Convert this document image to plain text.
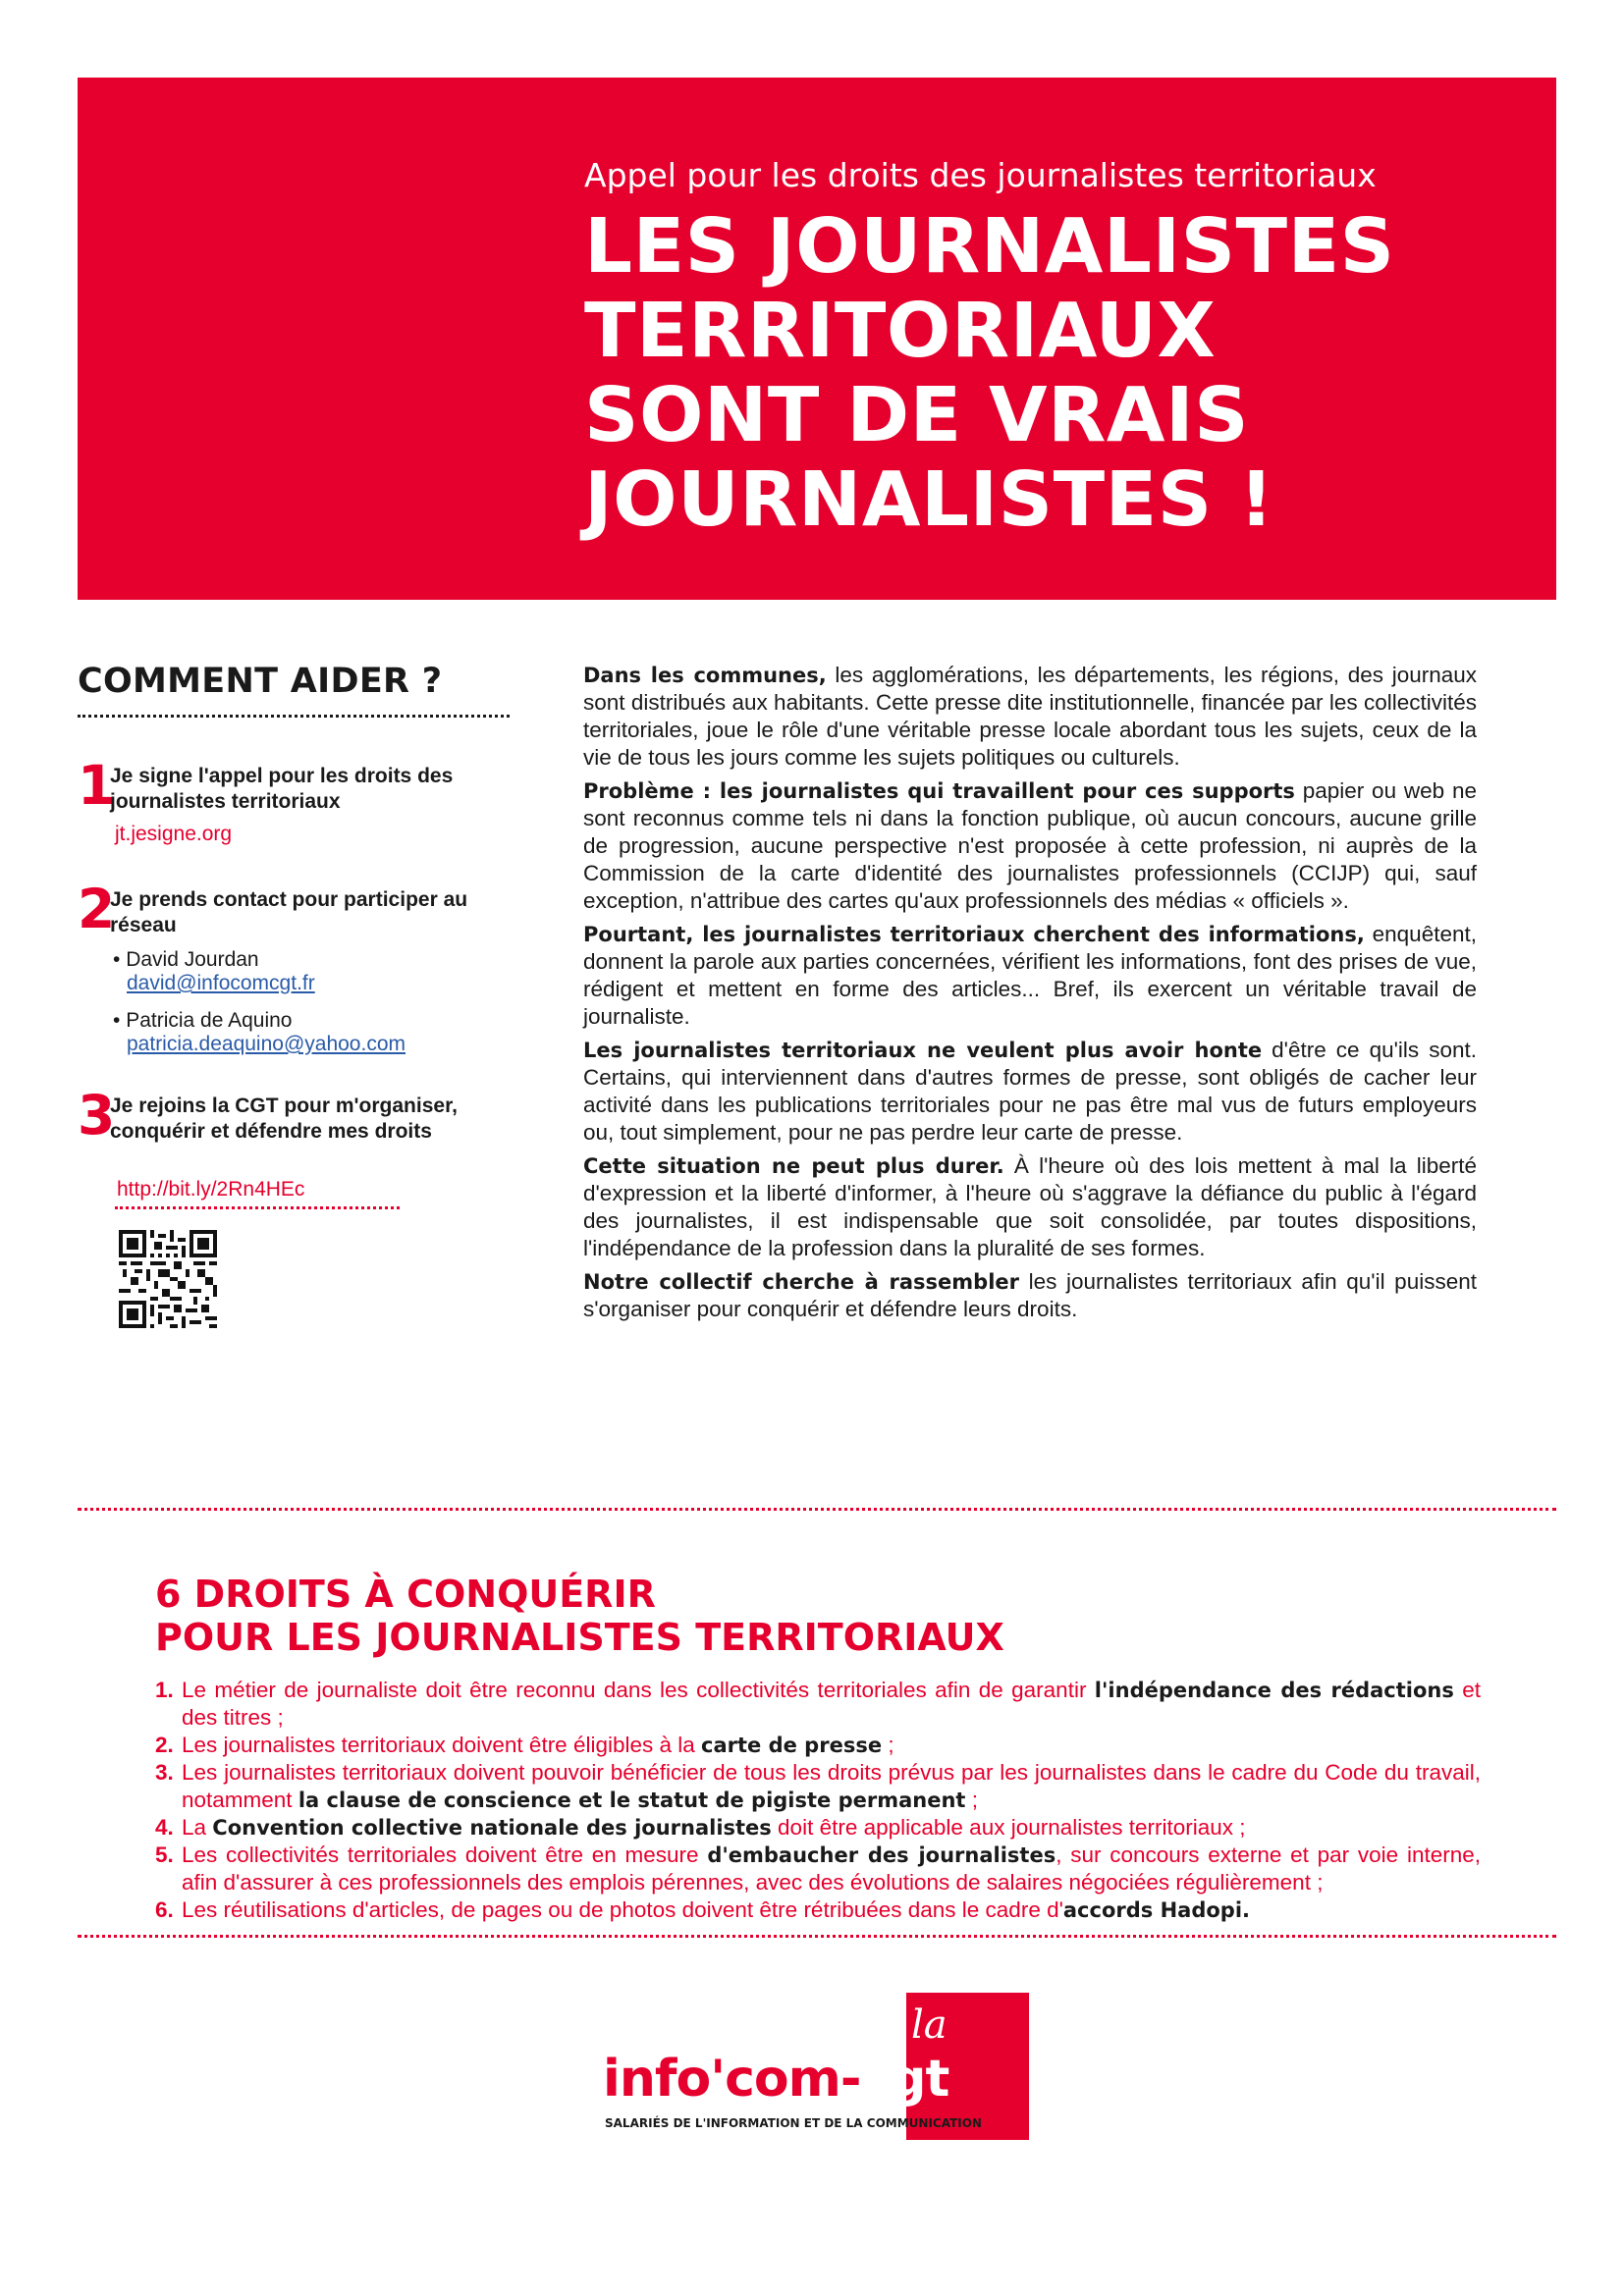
Appel pour les droits des journalistes territoriaux
LES JOURNALISTES
TERRITORIAUX
SONT DE VRAIS
JOURNALISTES !
COMMENT AIDER ?
1
Je signe l'appel pour les droits des journalistes territoriaux
jt.jesigne.org
2
Je prends contact pour participer au réseau
• David Jourdan
david@infocomcgt.fr
• Patricia de Aquino
patricia.deaquino@yahoo.com
3
Je rejoins la CGT pour m'organiser, conquérir et défendre mes droits
http://bit.ly/2Rn4HEc

Dans les communes, les agglomérations, les départements, les régions, des journaux sont distribués aux habitants. Cette presse dite institutionnelle, financée par les collectivités territoriales, joue le rôle d'une véritable presse locale abordant tous les sujets, ceux de la vie de tous les jours comme les sujets politiques ou culturels.

Problème : les journalistes qui travaillent pour ces supports papier ou web ne sont reconnus comme tels ni dans la fonction publique, où aucun concours, aucune grille de progression, aucune perspective n'est proposée à cette profession, ni auprès de la Commission de la carte d'identité des journalistes professionnels (CCIJP) qui, sauf exception, n'attribue des cartes qu'aux professionnels des médias « officiels ».

Pourtant, les journalistes territoriaux cherchent des informations, enquêtent, donnent la parole aux parties concernées, vérifient les informations, font des prises de vue, rédigent et mettent en forme des articles... Bref, ils exercent un véritable travail de journaliste.

Les journalistes territoriaux ne veulent plus avoir honte d'être ce qu'ils sont. Certains, qui interviennent dans d'autres formes de presse, sont obligés de cacher leur activité dans les publications territoriales pour ne pas être mal vus de futurs employeurs ou, tout simplement, pour ne pas perdre leur carte de presse.

Cette situation ne peut plus durer. À l'heure où des lois mettent à mal la liberté d'expression et la liberté d'informer, à l'heure où s'aggrave la défiance du public à l'égard des journalistes, il est indispensable que soit consolidée, par toutes dispositions, l'indépendance de la profession dans la pluralité de ses formes.

Notre collectif cherche à rassembler les journalistes territoriaux afin qu'il puissent s'organiser pour conquérir et défendre leurs droits.

6 DROITS À CONQUÉRIR
POUR LES JOURNALISTES TERRITORIAUX
1. Le métier de journaliste doit être reconnu dans les collectivités territoriales afin de garantir l'indépendance des rédactions et des titres ;
2. Les journalistes territoriaux doivent être éligibles à la carte de presse ;
3. Les journalistes territoriaux doivent pouvoir bénéficier de tous les droits prévus par les journalistes dans le cadre du Code du travail, notamment la clause de conscience et le statut de pigiste permanent ;
4. La Convention collective nationale des journalistes doit être applicable aux journalistes territoriaux ;
5. Les collectivités territoriales doivent être en mesure d'embaucher des journalistes, sur concours externe et par voie interne, afin d'assurer à ces professionnels des emplois pérennes, avec des évolutions de salaires négociées régulièrement ;
6. Les réutilisations d'articles, de pages ou de photos doivent être rétribuées dans le cadre d'accords Hadopi.
la
info'com-cgt
SALARIÉS DE L'INFORMATION ET DE LA COMMUNICATION
